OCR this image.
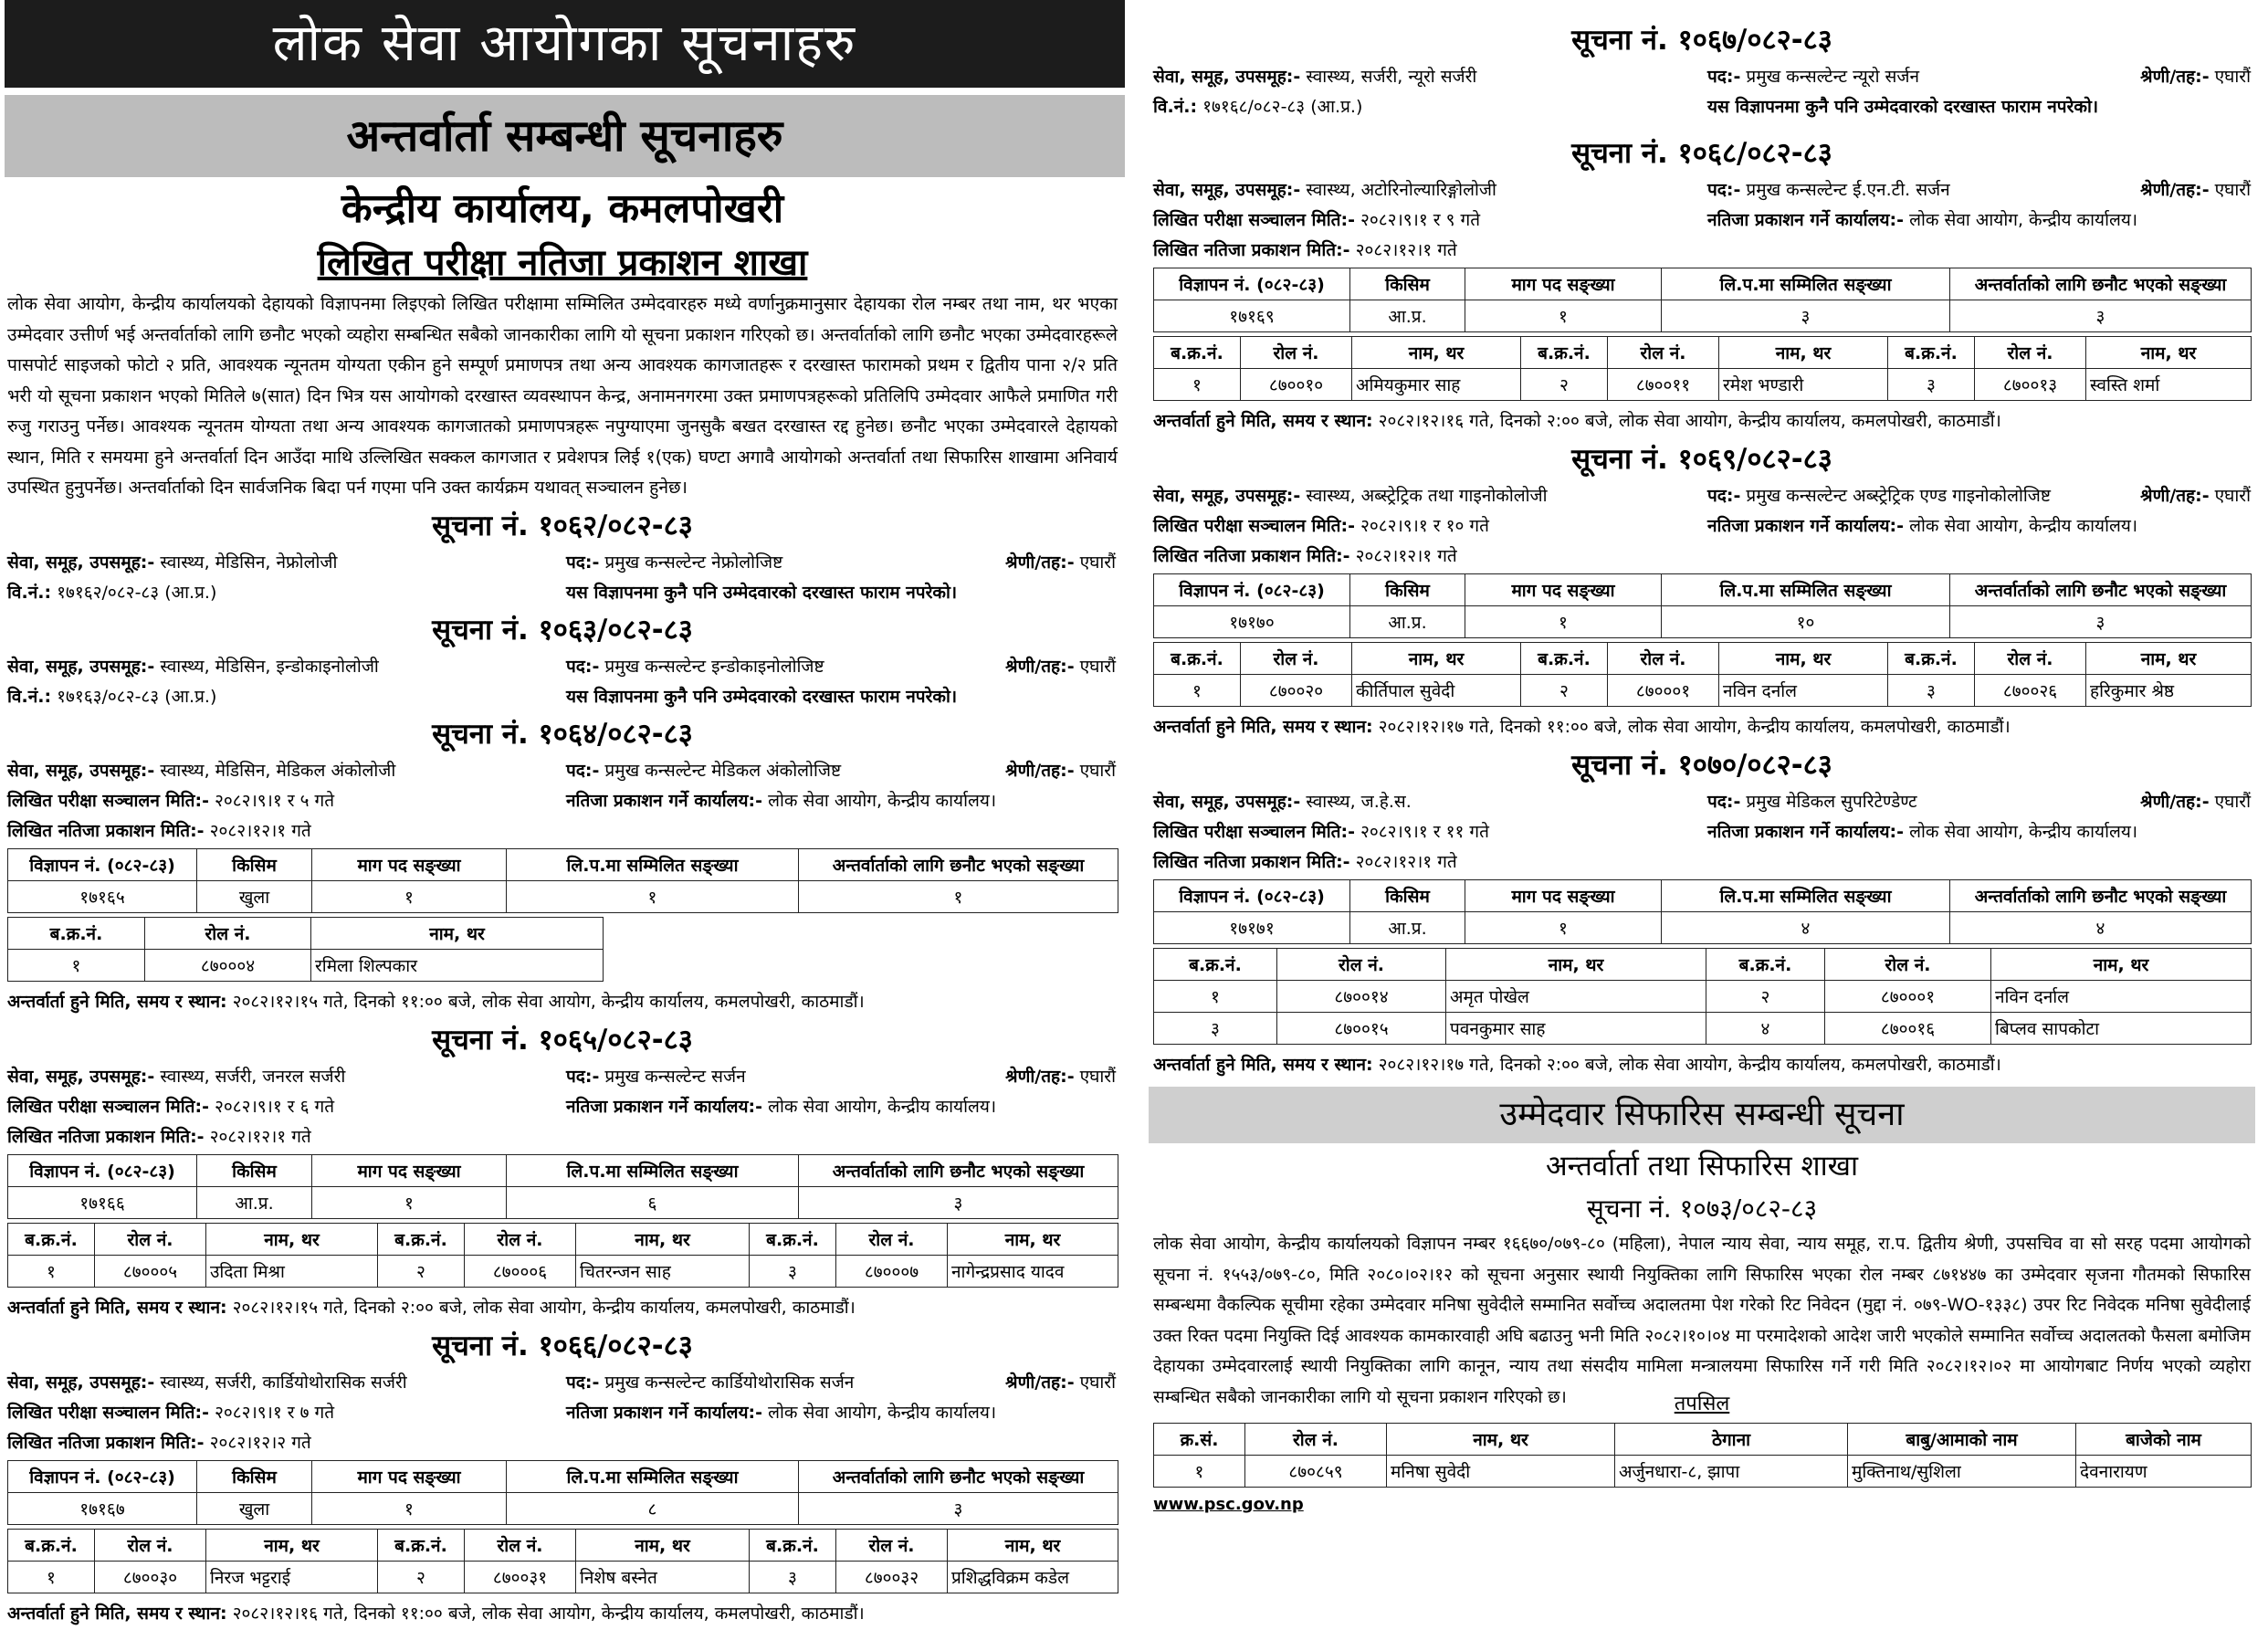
लोक सेवा आयोगका सूचनाहरु
अन्तर्वार्ता सम्बन्धी सूचनाहरु
केन्द्रीय कार्यालय, कमलपोखरी
लिखित परीक्षा नतिजा प्रकाशन शाखा
लोक सेवा आयोग, केन्द्रीय कार्यालयको देहायको विज्ञापनमा लिइएको लिखित परीक्षामा सम्मिलित उम्मेदवारहरु मध्ये वर्णानुक्रमानुसार देहायका रोल नम्बर तथा नाम, थर भएका उम्मेदवार उत्तीर्ण भई अन्तर्वार्ताको लागि छनौट भएको व्यहोरा सम्बन्धित सबैको जानकारीका लागि यो सूचना प्रकाशन गरिएको छ। अन्तर्वार्ताको लागि छनौट भएका उम्मेदवारहरूले पासपोर्ट साइजको फोटो २ प्रति, आवश्यक न्यूनतम योग्यता एकीन हुने सम्पूर्ण प्रमाणपत्र तथा अन्य आवश्यक कागजातहरू र दरखास्त फारामको प्रथम र द्वितीय पाना २/२ प्रति भरी यो सूचना प्रकाशन भएको मितिले ७(सात) दिन भित्र यस आयोगको दरखास्त व्यवस्थापन केन्द्र, अनामनगरमा उक्त प्रमाणपत्रहरूको प्रतिलिपि उम्मेदवार आफैले प्रमाणित गरी रुजु गराउनु पर्नेछ। आवश्यक न्यूनतम योग्यता तथा अन्य आवश्यक कागजातको प्रमाणपत्रहरू नपुग्याएमा जुनसुकै बखत दरखास्त रद्द हुनेछ। छनौट भएका उम्मेदवारले देहायको स्थान, मिति र समयमा हुने अन्तर्वार्ता दिन आउँदा माथि उल्लिखित सक्कल कागजात र प्रवेशपत्र लिई १(एक) घण्टा अगावै आयोगको अन्तर्वार्ता तथा सिफारिस शाखामा अनिवार्य उपस्थित हुनुपर्नेछ। अन्तर्वार्ताको दिन सार्वजनिक बिदा पर्न गएमा पनि उक्त कार्यक्रम यथावत् सञ्चालन हुनेछ।
सूचना नं. १०६२/०८२-८३
सेवा, समूह, उपसमूह:- स्वास्थ्य, मेडिसिन, नेफ्रोलोजी	पद:- प्रमुख कन्सल्टेन्ट नेफ्रोलोजिष्ट	श्रेणी/तह:- एघारौं
वि.नं.: १७१६२/०८२-८३ (आ.प्र.)	यस विज्ञापनमा कुनै पनि उम्मेदवारको दरखास्त फाराम नपरेको।
सूचना नं. १०६३/०८२-८३
सेवा, समूह, उपसमूह:- स्वास्थ्य, मेडिसिन, इन्डोकाइनोलोजी	पद:- प्रमुख कन्सल्टेन्ट इन्डोकाइनोलोजिष्ट	श्रेणी/तह:- एघारौं
वि.नं.: १७१६३/०८२-८३ (आ.प्र.)	यस विज्ञापनमा कुनै पनि उम्मेदवारको दरखास्त फाराम नपरेको।
सूचना नं. १०६४/०८२-८३
सेवा, समूह, उपसमूह:- स्वास्थ्य, मेडिसिन, मेडिकल अंकोलोजी	पद:- प्रमुख कन्सल्टेन्ट मेडिकल अंकोलोजिष्ट	श्रेणी/तह:- एघारौं
लिखित परीक्षा सञ्चालन मिति:- २०८२।९।१ र ५ गते	नतिजा प्रकाशन गर्ने कार्यालय:- लोक सेवा आयोग, केन्द्रीय कार्यालय।
लिखित नतिजा प्रकाशन मिति:- २०८२।१२।१ गते
विज्ञापन नं. (०८२-८३)	किसिम	माग पद सङ्ख्या	लि.प.मा सम्मिलित सङ्ख्या	अन्तर्वार्ताको लागि छनौट भएको सङ्ख्या
१७१६५	खुला	१	१	१
ब.क्र.नं.	रोल नं.	नाम, थर
१	८७०००४	रमिला शिल्पकार
अन्तर्वार्ता हुने मिति, समय र स्थान: २०८२।१२।१५ गते, दिनको ११:०० बजे, लोक सेवा आयोग, केन्द्रीय कार्यालय, कमलपोखरी, काठमाडौं।
सूचना नं. १०६५/०८२-८३
सेवा, समूह, उपसमूह:- स्वास्थ्य, सर्जरी, जनरल सर्जरी	पद:- प्रमुख कन्सल्टेन्ट सर्जन	श्रेणी/तह:- एघारौं
लिखित परीक्षा सञ्चालन मिति:- २०८२।९।१ र ६ गते	नतिजा प्रकाशन गर्ने कार्यालय:- लोक सेवा आयोग, केन्द्रीय कार्यालय।
लिखित नतिजा प्रकाशन मिति:- २०८२।१२।१ गते
विज्ञापन नं. (०८२-८३)	किसिम	माग पद सङ्ख्या	लि.प.मा सम्मिलित सङ्ख्या	अन्तर्वार्ताको लागि छनौट भएको सङ्ख्या
१७१६६	आ.प्र.	१	६	३
ब.क्र.नं.	रोल नं.	नाम, थर	ब.क्र.नं.	रोल नं.	नाम, थर	ब.क्र.नं.	रोल नं.	नाम, थर
१	८७०००५	उदिता मिश्रा	२	८७०००६	चितरन्जन साह	३	८७०००७	नागेन्द्रप्रसाद यादव
अन्तर्वार्ता हुने मिति, समय र स्थान: २०८२।१२।१५ गते, दिनको २:०० बजे, लोक सेवा आयोग, केन्द्रीय कार्यालय, कमलपोखरी, काठमाडौं।
सूचना नं. १०६६/०८२-८३
सेवा, समूह, उपसमूह:- स्वास्थ्य, सर्जरी, कार्डियोथोरासिक सर्जरी	पद:- प्रमुख कन्सल्टेन्ट कार्डियोथोरासिक सर्जन	श्रेणी/तह:- एघारौं
लिखित परीक्षा सञ्चालन मिति:- २०८२।९।१ र ७ गते	नतिजा प्रकाशन गर्ने कार्यालय:- लोक सेवा आयोग, केन्द्रीय कार्यालय।
लिखित नतिजा प्रकाशन मिति:- २०८२।१२।२ गते
विज्ञापन नं. (०८२-८३)	किसिम	माग पद सङ्ख्या	लि.प.मा सम्मिलित सङ्ख्या	अन्तर्वार्ताको लागि छनौट भएको सङ्ख्या
१७१६७	खुला	१	८	३
ब.क्र.नं.	रोल नं.	नाम, थर	ब.क्र.नं.	रोल नं.	नाम, थर	ब.क्र.नं.	रोल नं.	नाम, थर
१	८७००३०	निरज भट्टराई	२	८७००३१	निशेष बस्नेत	३	८७००३२	प्रशिद्धविक्रम कडेल
अन्तर्वार्ता हुने मिति, समय र स्थान: २०८२।१२।१६ गते, दिनको ११:०० बजे, लोक सेवा आयोग, केन्द्रीय कार्यालय, कमलपोखरी, काठमाडौं।
सूचना नं. १०६७/०८२-८३
सेवा, समूह, उपसमूह:- स्वास्थ्य, सर्जरी, न्यूरो सर्जरी	पद:- प्रमुख कन्सल्टेन्ट न्यूरो सर्जन	श्रेणी/तह:- एघारौं
वि.नं.: १७१६८/०८२-८३ (आ.प्र.)	यस विज्ञापनमा कुनै पनि उम्मेदवारको दरखास्त फाराम नपरेको।
सूचना नं. १०६८/०८२-८३
सेवा, समूह, उपसमूह:- स्वास्थ्य, अटोरिनोल्यारिङ्गोलोजी	पद:- प्रमुख कन्सल्टेन्ट ई.एन.टी. सर्जन	श्रेणी/तह:- एघारौं
लिखित परीक्षा सञ्चालन मिति:- २०८२।९।१ र ९ गते	नतिजा प्रकाशन गर्ने कार्यालय:- लोक सेवा आयोग, केन्द्रीय कार्यालय।
लिखित नतिजा प्रकाशन मिति:- २०८२।१२।१ गते
विज्ञापन नं. (०८२-८३)	किसिम	माग पद सङ्ख्या	लि.प.मा सम्मिलित सङ्ख्या	अन्तर्वार्ताको लागि छनौट भएको सङ्ख्या
१७१६९	आ.प्र.	१	३	३
ब.क्र.नं.	रोल नं.	नाम, थर	ब.क्र.नं.	रोल नं.	नाम, थर	ब.क्र.नं.	रोल नं.	नाम, थर
१	८७००१०	अमियकुमार साह	२	८७००११	रमेश भण्डारी	३	८७००१३	स्वस्ति शर्मा
अन्तर्वार्ता हुने मिति, समय र स्थान: २०८२।१२।१६ गते, दिनको २:०० बजे, लोक सेवा आयोग, केन्द्रीय कार्यालय, कमलपोखरी, काठमाडौं।
सूचना नं. १०६९/०८२-८३
सेवा, समूह, उपसमूह:- स्वास्थ्य, अब्स्ट्रेट्रिक तथा गाइनोकोलोजी	पद:- प्रमुख कन्सल्टेन्ट अब्स्ट्रेट्रिक एण्ड गाइनोकोलोजिष्ट	श्रेणी/तह:- एघारौं
लिखित परीक्षा सञ्चालन मिति:- २०८२।९।१ र १० गते	नतिजा प्रकाशन गर्ने कार्यालय:- लोक सेवा आयोग, केन्द्रीय कार्यालय।
लिखित नतिजा प्रकाशन मिति:- २०८२।१२।१ गते
विज्ञापन नं. (०८२-८३)	किसिम	माग पद सङ्ख्या	लि.प.मा सम्मिलित सङ्ख्या	अन्तर्वार्ताको लागि छनौट भएको सङ्ख्या
१७१७०	आ.प्र.	१	१०	३
ब.क्र.नं.	रोल नं.	नाम, थर	ब.क्र.नं.	रोल नं.	नाम, थर	ब.क्र.नं.	रोल नं.	नाम, थर
१	८७००२०	कीर्तिपाल सुवेदी	२	८७०००१	नविन दर्नाल	३	८७००२६	हरिकुमार श्रेष्ठ
अन्तर्वार्ता हुने मिति, समय र स्थान: २०८२।१२।१७ गते, दिनको ११:०० बजे, लोक सेवा आयोग, केन्द्रीय कार्यालय, कमलपोखरी, काठमाडौं।
सूचना नं. १०७०/०८२-८३
सेवा, समूह, उपसमूह:- स्वास्थ्य, ज.हे.स.	पद:- प्रमुख मेडिकल सुपरिटेण्डेण्ट	श्रेणी/तह:- एघारौं
लिखित परीक्षा सञ्चालन मिति:- २०८२।९।१ र ११ गते	नतिजा प्रकाशन गर्ने कार्यालय:- लोक सेवा आयोग, केन्द्रीय कार्यालय।
लिखित नतिजा प्रकाशन मिति:- २०८२।१२।१ गते
विज्ञापन नं. (०८२-८३)	किसिम	माग पद सङ्ख्या	लि.प.मा सम्मिलित सङ्ख्या	अन्तर्वार्ताको लागि छनौट भएको सङ्ख्या
१७१७१	आ.प्र.	१	४	४
ब.क्र.नं.	रोल नं.	नाम, थर	ब.क्र.नं.	रोल नं.	नाम, थर
१	८७००१४	अमृत पोखेल	२	८७०००१	नविन दर्नाल
३	८७००१५	पवनकुमार साह	४	८७००१६	बिप्लव सापकोटा
अन्तर्वार्ता हुने मिति, समय र स्थान: २०८२।१२।१७ गते, दिनको २:०० बजे, लोक सेवा आयोग, केन्द्रीय कार्यालय, कमलपोखरी, काठमाडौं।
उम्मेदवार सिफारिस सम्बन्धी सूचना
अन्तर्वार्ता तथा सिफारिस शाखा
सूचना नं. १०७३/०८२-८३
लोक सेवा आयोग, केन्द्रीय कार्यालयको विज्ञापन नम्बर १६६७०/०७९-८० (महिला), नेपाल न्याय सेवा, न्याय समूह, रा.प. द्वितीय श्रेणी, उपसचिव वा सो सरह पदमा आयोगको सूचना नं. १५५३/०७९-८०, मिति २०८०।०२।१२ को सूचना अनुसार स्थायी नियुक्तिका लागि सिफारिस भएका रोल नम्बर ८७१४४७ का उम्मेदवार सृजना गौतमको सिफारिस सम्बन्धमा वैकल्पिक सूचीमा रहेका उम्मेदवार मनिषा सुवेदीले सम्मानित सर्वोच्च अदालतमा पेश गरेको रिट निवेदन (मुद्दा नं. ०७९-WO-१३३८) उपर रिट निवेदक मनिषा सुवेदीलाई उक्त रिक्त पदमा नियुक्ति दिई आवश्यक कामकारवाही अघि बढाउनु भनी मिति २०८२।१०।०४ मा परमादेशको आदेश जारी भएकोले सम्मानित सर्वोच्च अदालतको फैसला बमोजिम देहायका उम्मेदवारलाई स्थायी नियुक्तिका लागि कानून, न्याय तथा संसदीय मामिला मन्त्रालयमा सिफारिस गर्ने गरी मिति २०८२।१२।०२ मा आयोगबाट निर्णय भएको व्यहोरा सम्बन्धित सबैको जानकारीका लागि यो सूचना प्रकाशन गरिएको छ।	तपसिल
क्र.सं.	रोल नं.	नाम, थर	ठेगाना	बाबु/आमाको नाम	बाजेको नाम
१	८७०८५९	मनिषा सुवेदी	अर्जुनधारा-८, झापा	मुक्तिनाथ/सुशिला	देवनारायण
www.psc.gov.np
